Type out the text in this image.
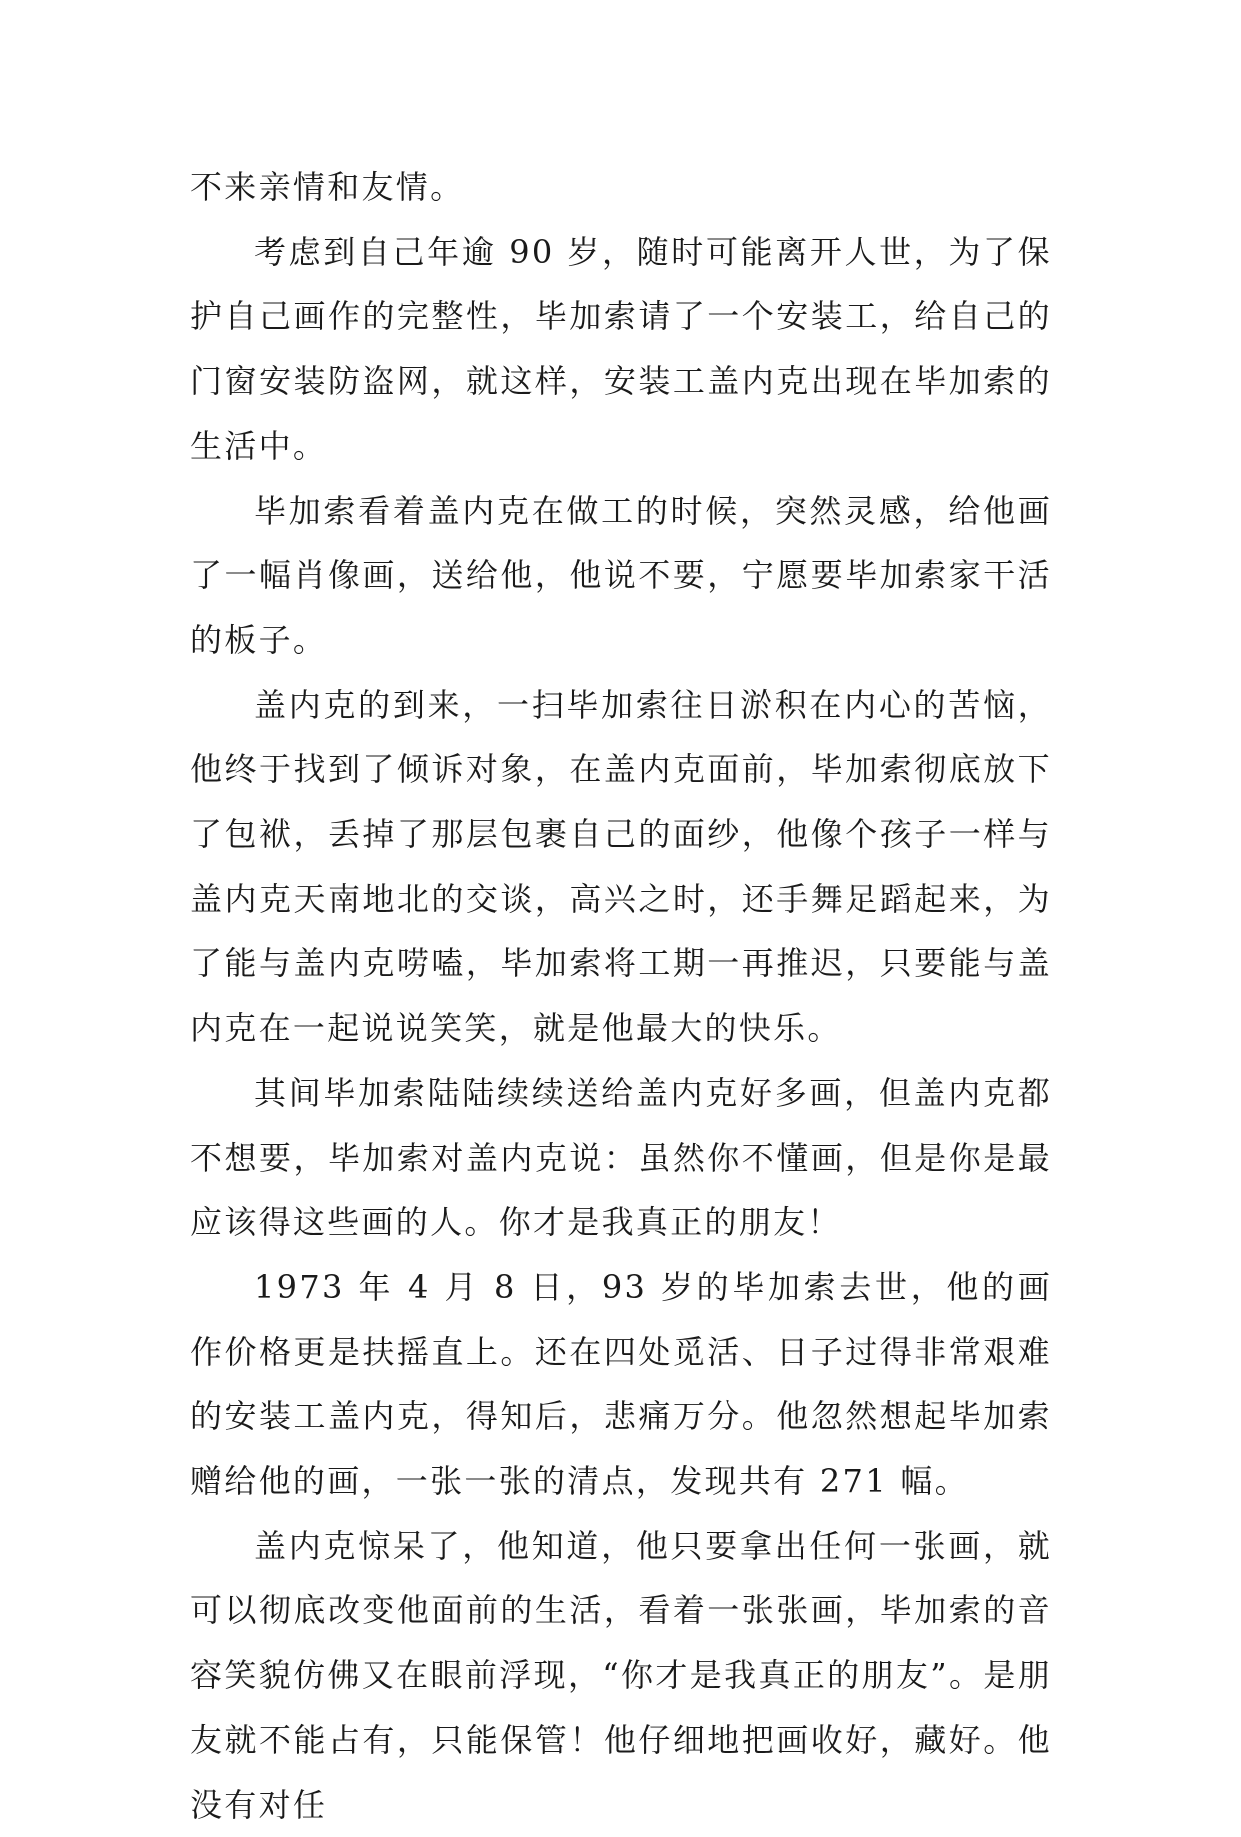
不来亲情和友情。

考虑到自己年逾 90 岁，随时可能离开人世，为了保护自己画作的完整性，毕加索请了一个安装工，给自己的门窗安装防盗网，就这样，安装工盖内克出现在毕加索的生活中。

毕加索看着盖内克在做工的时候，突然灵感，给他画了一幅肖像画，送给他，他说不要，宁愿要毕加索家干活的板子。

盖内克的到来，一扫毕加索往日淤积在内心的苦恼，他终于找到了倾诉对象，在盖内克面前，毕加索彻底放下了包袱，丢掉了那层包裹自己的面纱，他像个孩子一样与盖内克天南地北的交谈，高兴之时，还手舞足蹈起来，为了能与盖内克唠嗑，毕加索将工期一再推迟，只要能与盖内克在一起说说笑笑，就是他最大的快乐。

其间毕加索陆陆续续送给盖内克好多画，但盖内克都不想要，毕加索对盖内克说：虽然你不懂画，但是你是最应该得这些画的人。你才是我真正的朋友！

1973 年 4 月 8 日，93 岁的毕加索去世，他的画作价格更是扶摇直上。还在四处觅活、日子过得非常艰难的安装工盖内克，得知后，悲痛万分。他忽然想起毕加索赠给他的画，一张一张的清点，发现共有 271 幅。

盖内克惊呆了，他知道，他只要拿出任何一张画，就可以彻底改变他面前的生活，看着一张张画，毕加索的音容笑貌仿佛又在眼前浮现，“你才是我真正的朋友”。是朋友就不能占有，只能保管！他仔细地把画收好，藏好。他没有对任
